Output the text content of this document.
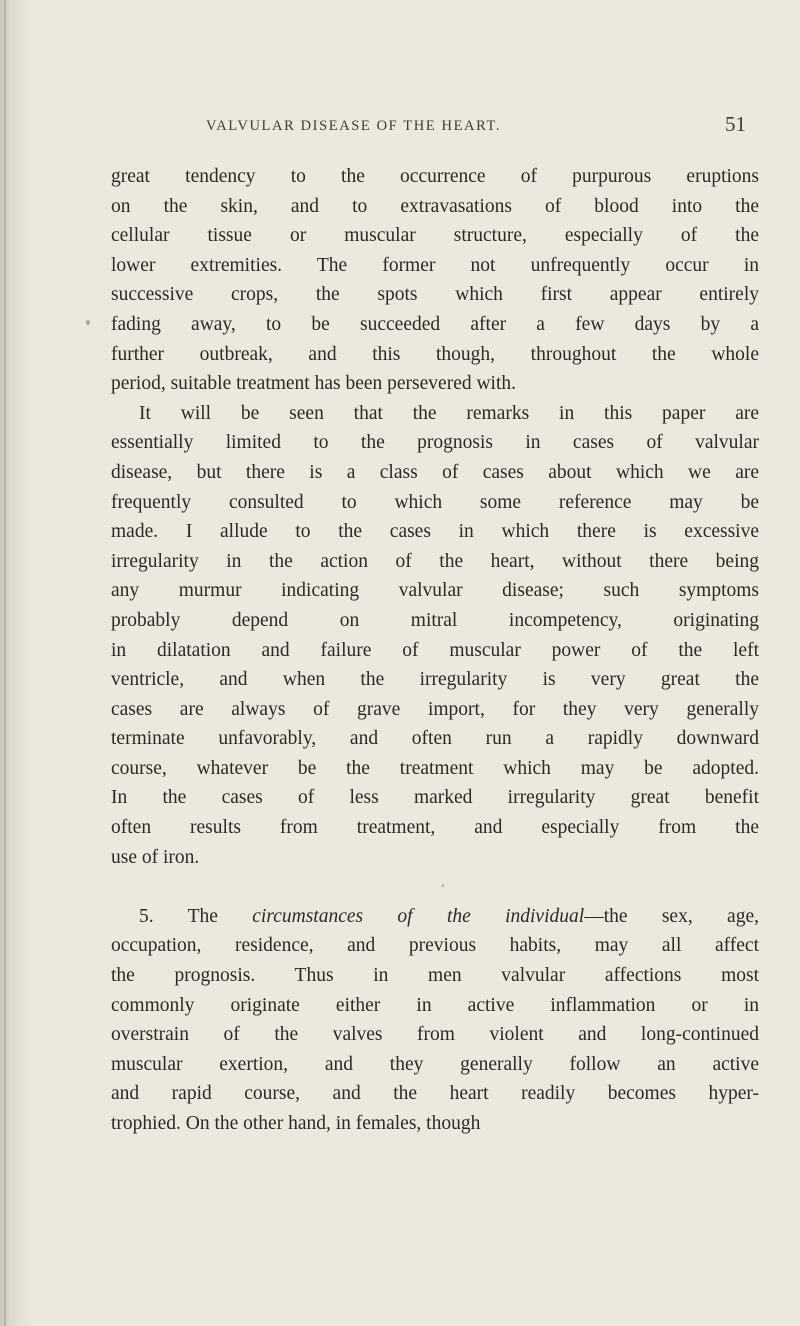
VALVULAR DISEASE OF THE HEART.	51
great tendency to the occurrence of purpurous eruptions
on the skin, and to extravasations of blood into the
cellular tissue or muscular structure, especially of the
lower extremities. The former not unfrequently occur in
successive crops, the spots which first appear entirely
fading away, to be succeeded after a few days by a
further outbreak, and this though, throughout the whole
period, suitable treatment has been persevered with.
It will be seen that the remarks in this paper are
essentially limited to the prognosis in cases of valvular
disease, but there is a class of cases about which we are
frequently consulted to which some reference may be
made. I allude to the cases in which there is excessive
irregularity in the action of the heart, without there being
any murmur indicating valvular disease; such symptoms
probably depend on mitral incompetency, originating
in dilatation and failure of muscular power of the left
ventricle, and when the irregularity is very great the
cases are always of grave import, for they very generally
terminate unfavorably, and often run a rapidly downward
course, whatever be the treatment which may be adopted.
In the cases of less marked irregularity great benefit
often results from treatment, and especially from the
use of iron.
5. The circumstances of the individual—the sex, age,
occupation, residence, and previous habits, may all affect
the prognosis. Thus in men valvular affections most
commonly originate either in active inflammation or in
overstrain of the valves from violent and long-continued
muscular exertion, and they generally follow an active
and rapid course, and the heart readily becomes hyper-
trophied. On the other hand, in females, though
